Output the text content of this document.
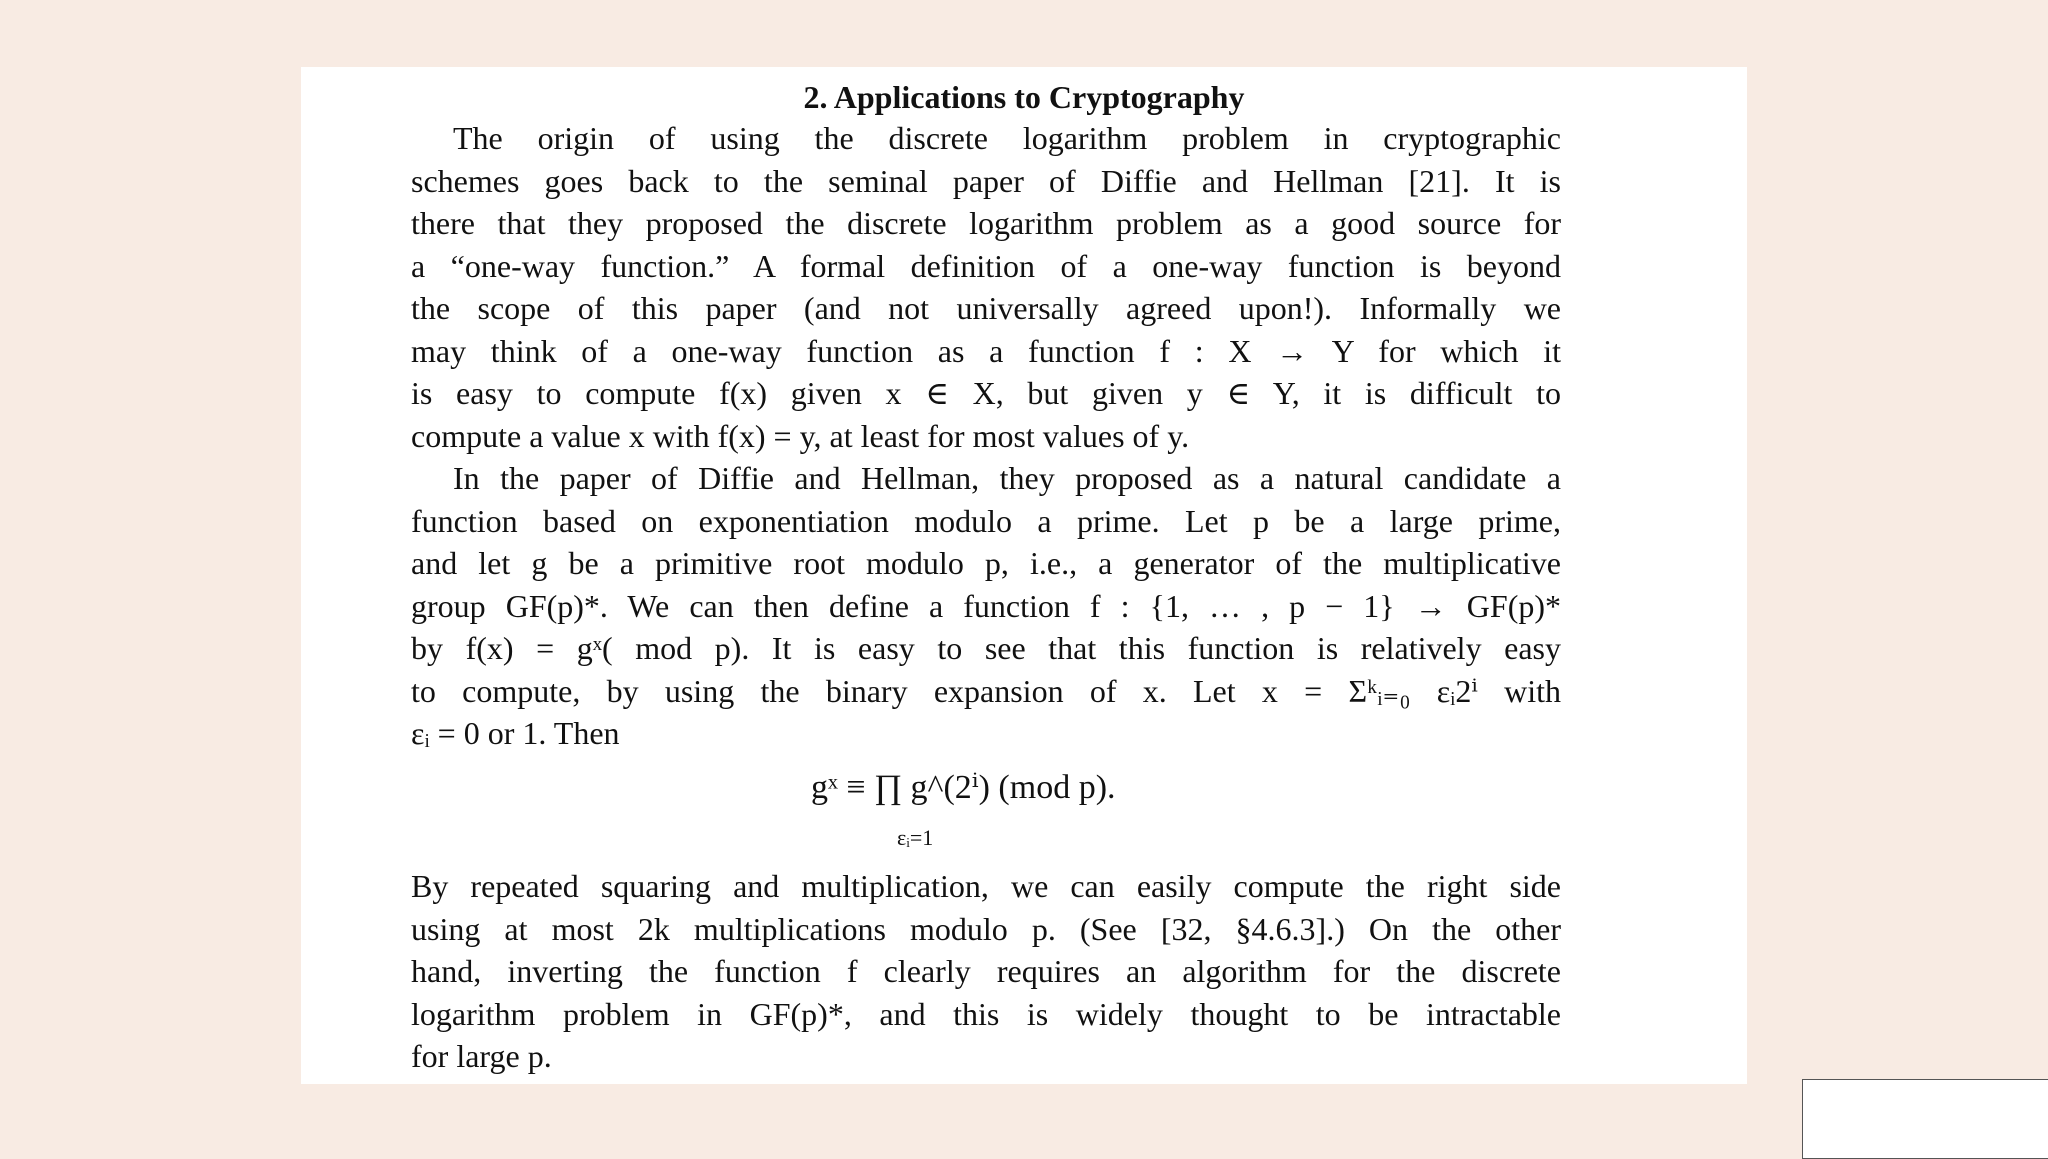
2. Applications to Cryptography
The origin of using the discrete logarithm problem in cryptographic
schemes goes back to the seminal paper of Diffie and Hellman [21]. It is
there that they proposed the discrete logarithm problem as a good source for
a “one-way function.” A formal definition of a one-way function is beyond
the scope of this paper (and not universally agreed upon!). Informally we
may think of a one-way function as a function f : X → Y for which it
is easy to compute f(x) given x ∈ X, but given y ∈ Y, it is difficult to
compute a value x with f(x) = y, at least for most values of y.
In the paper of Diffie and Hellman, they proposed as a natural candidate a
function based on exponentiation modulo a prime. Let p be a large prime,
and let g be a primitive root modulo p, i.e., a generator of the multiplicative
group GF(p)*. We can then define a function f : {1, … , p − 1} → GF(p)*
by f(x) = gˣ( mod p). It is easy to see that this function is relatively easy
to compute, by using the binary expansion of x. Let x = Σᵏᵢ₌₀ εᵢ2ⁱ with
εᵢ = 0 or 1. Then
gˣ ≡ ∏ g^(2ⁱ) (mod p).
εᵢ=1
By repeated squaring and multiplication, we can easily compute the right side
using at most 2k multiplications modulo p. (See [32, §4.6.3].) On the other
hand, inverting the function f clearly requires an algorithm for the discrete
logarithm problem in GF(p)*, and this is widely thought to be intractable
for large p.
